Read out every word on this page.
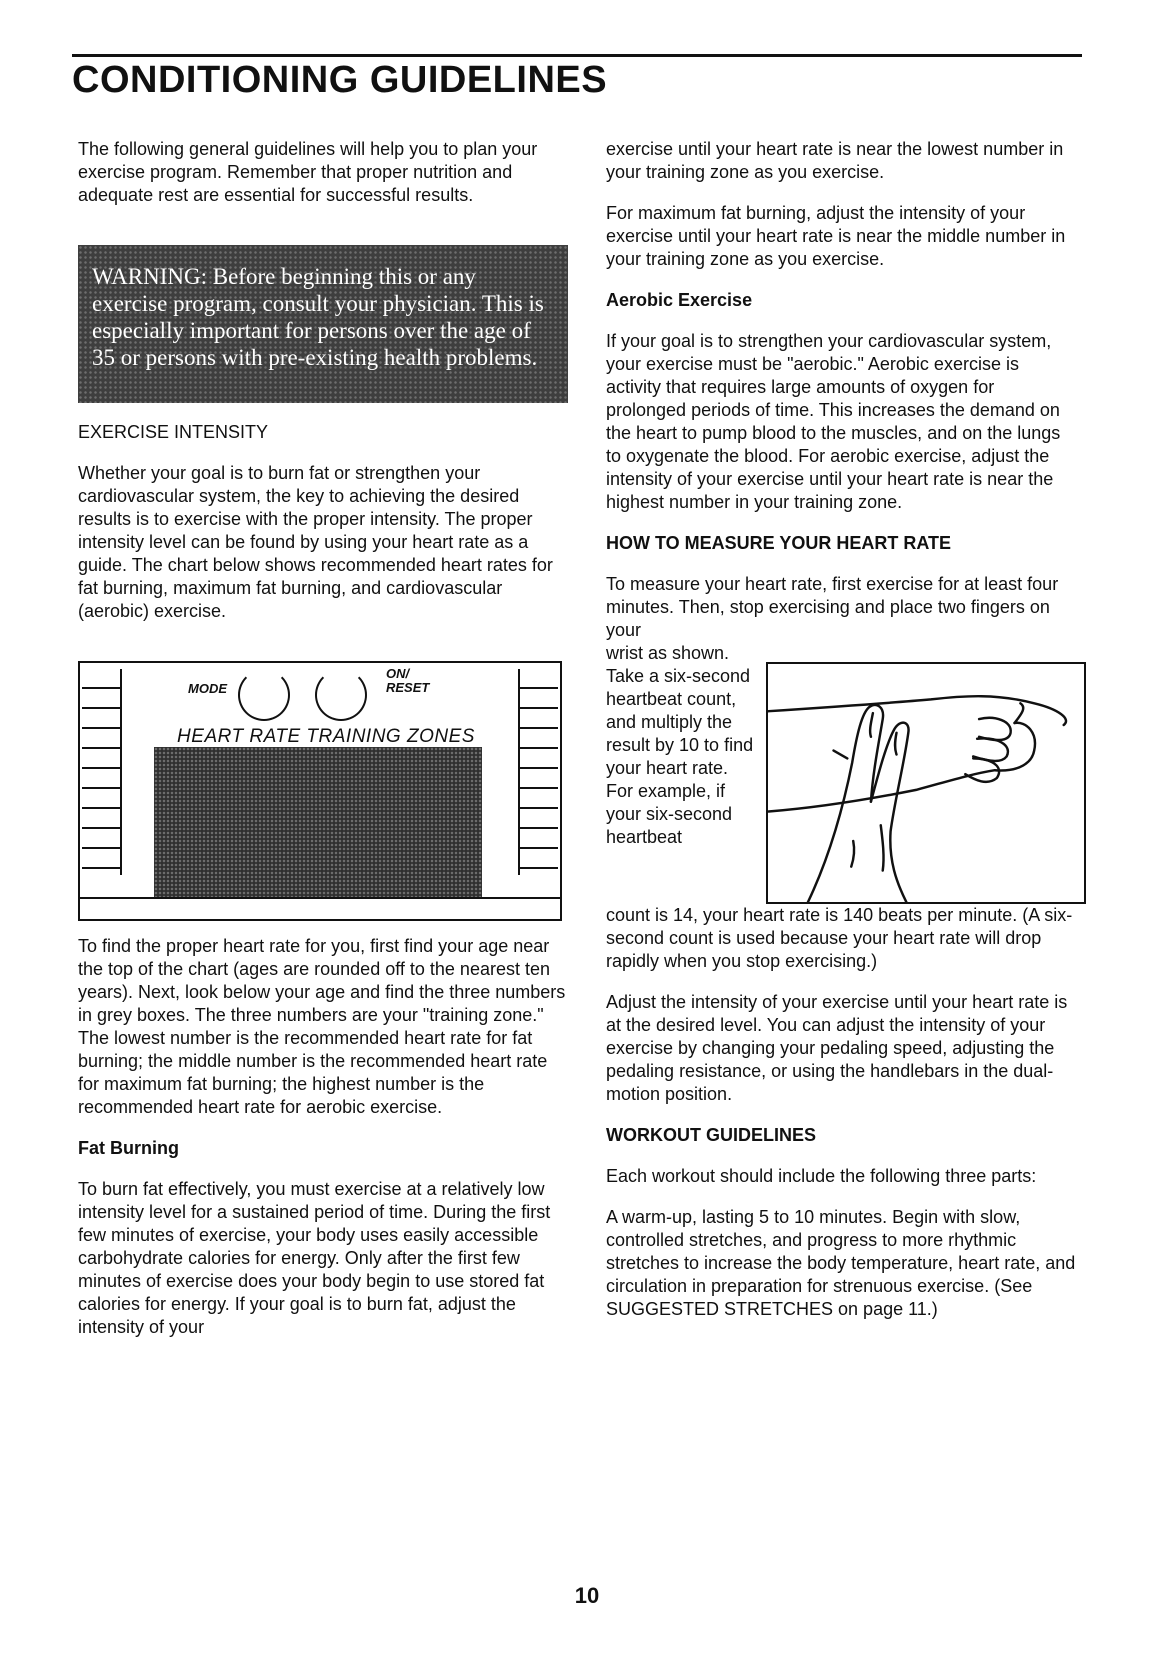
CONDITIONING GUIDELINES

The following general guidelines will help you to plan your exercise program. Remember that proper nutrition and adequate rest are essential for successful results.

WARNING: Before beginning this or any exercise program, consult your physician. This is especially important for persons over the age of 35 or persons with pre-existing health problems.
EXERCISE INTENSITY

Whether your goal is to burn fat or strengthen your cardiovascular system, the key to achieving the desired results is to exercise with the proper intensity. The proper intensity level can be found by using your heart rate as a guide. The chart below shows recommended heart rates for fat burning, maximum fat burning, and cardiovascular (aerobic) exercise.

MODE
ON/
RESET
HEART RATE TRAINING ZONES

To find the proper heart rate for you, first find your age near the top of the chart (ages are rounded off to the nearest ten years). Next, look below your age and find the three numbers in grey boxes. The three numbers are your "training zone." The lowest number is the recommended heart rate for fat burning; the middle number is the recommended heart rate for maximum fat burning; the highest number is the recommended heart rate for aerobic exercise.

Fat Burning

To burn fat effectively, you must exercise at a relatively low intensity level for a sustained period of time. During the first few minutes of exercise, your body uses easily accessible carbohydrate calories for energy. Only after the first few minutes of exercise does your body begin to use stored fat calories for energy. If your goal is to burn fat, adjust the intensity of your

exercise until your heart rate is near the lowest number in your training zone as you exercise.

For maximum fat burning, adjust the intensity of your exercise until your heart rate is near the middle number in your training zone as you exercise.

Aerobic Exercise

If your goal is to strengthen your cardiovascular system, your exercise must be "aerobic." Aerobic exercise is activity that requires large amounts of oxygen for prolonged periods of time. This increases the demand on the heart to pump blood to the muscles, and on the lungs to oxygenate the blood. For aerobic exercise, adjust the intensity of your exercise until your heart rate is near the highest number in your training zone.

HOW TO MEASURE YOUR HEART RATE

To measure your heart rate, first exercise for at least four minutes. Then, stop exercising and place two fingers on your

wrist as shown. Take a six-second heartbeat count, and multiply the result by 10 to find your heart rate. For example, if your six-second heartbeat

count is 14, your heart rate is 140 beats per minute. (A six-second count is used because your heart rate will drop rapidly when you stop exercising.)

Adjust the intensity of your exercise until your heart rate is at the desired level. You can adjust the intensity of your exercise by changing your pedaling speed, adjusting the pedaling resistance, or using the handlebars in the dual-motion position.

WORKOUT GUIDELINES

Each workout should include the following three parts:

A warm-up, lasting 5 to 10 minutes. Begin with slow, controlled stretches, and progress to more rhythmic stretches to increase the body temperature, heart rate, and circulation in preparation for strenuous exercise. (See SUGGESTED STRETCHES on page 11.)

10
